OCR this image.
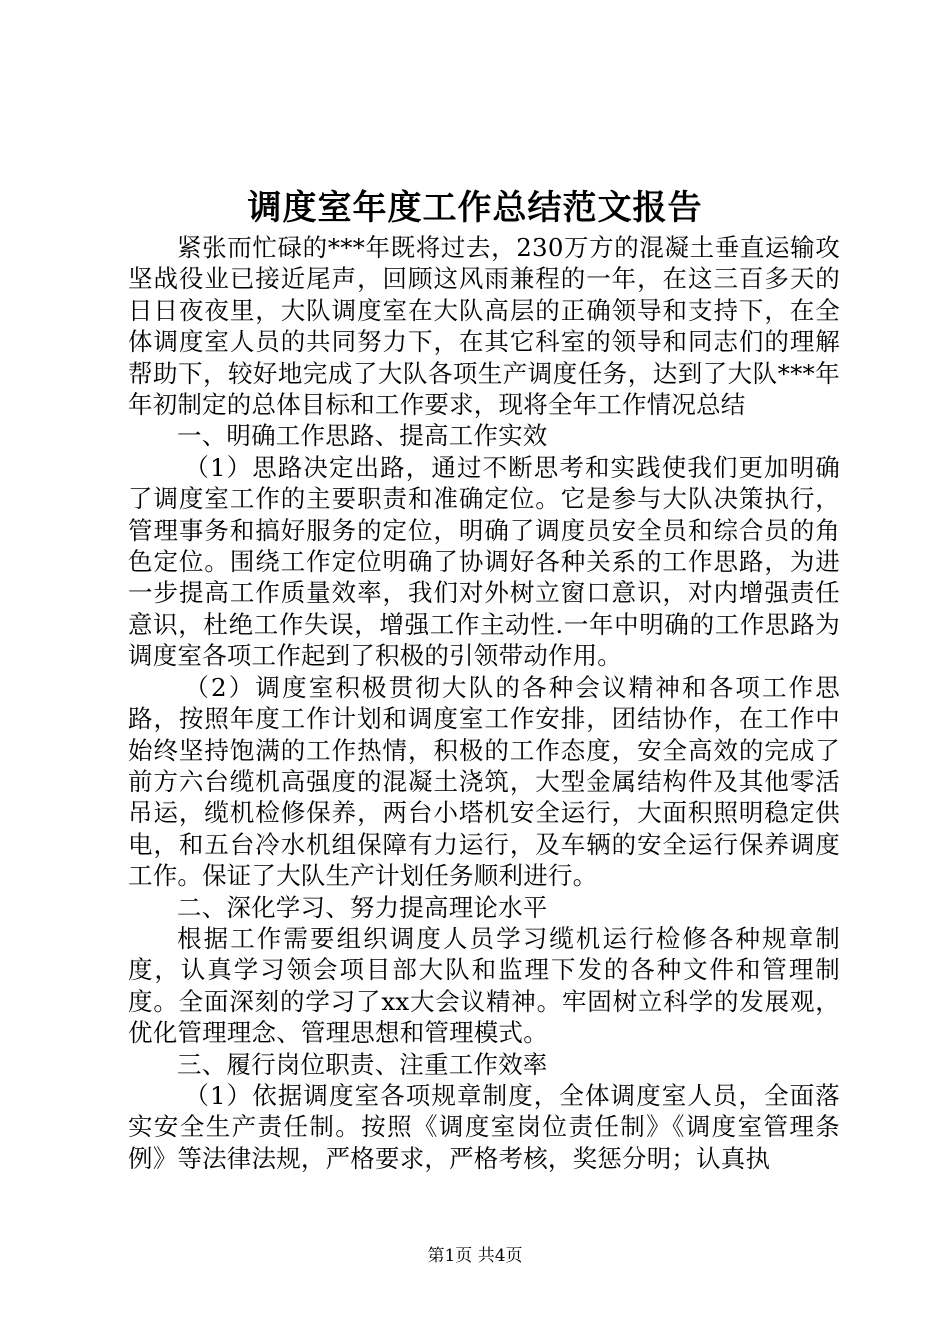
调度室年度工作总结范文报告

紧张而忙碌的***年既将过去，230万方的混凝土垂直运输攻坚战役业已接近尾声，回顾这风雨兼程的一年，在这三百多天的日日夜夜里，大队调度室在大队高层的正确领导和支持下，在全体调度室人员的共同努力下，在其它科室的领导和同志们的理解帮助下，较好地完成了大队各项生产调度任务，达到了大队***年年初制定的总体目标和工作要求，现将全年工作情况总结

一、明确工作思路、提高工作实效

（1）思路决定出路，通过不断思考和实践使我们更加明确了调度室工作的主要职责和准确定位。它是参与大队决策执行，管理事务和搞好服务的定位，明确了调度员安全员和综合员的角色定位。围绕工作定位明确了协调好各种关系的工作思路，为进一步提高工作质量效率，我们对外树立窗口意识，对内增强责任意识，杜绝工作失误，增强工作主动性.一年中明确的工作思路为调度室各项工作起到了积极的引领带动作用。

（2）调度室积极贯彻大队的各种会议精神和各项工作思路，按照年度工作计划和调度室工作安排，团结协作，在工作中始终坚持饱满的工作热情，积极的工作态度，安全高效的完成了前方六台缆机高强度的混凝土浇筑，大型金属结构件及其他零活吊运，缆机检修保养，两台小塔机安全运行，大面积照明稳定供电，和五台冷水机组保障有力运行，及车辆的安全运行保养调度工作。保证了大队生产计划任务顺利进行。

二、深化学习、努力提高理论水平

根据工作需要组织调度人员学习缆机运行检修各种规章制度，认真学习领会项目部大队和监理下发的各种文件和管理制度。全面深刻的学习了xx大会议精神。牢固树立科学的发展观，优化管理理念、管理思想和管理模式。

三、履行岗位职责、注重工作效率

（1）依据调度室各项规章制度，全体调度室人员，全面落实安全生产责任制。按照《调度室岗位责任制》《调度室管理条例》等法律法规，严格要求，严格考核，奖惩分明；认真执

第1页 共4页
